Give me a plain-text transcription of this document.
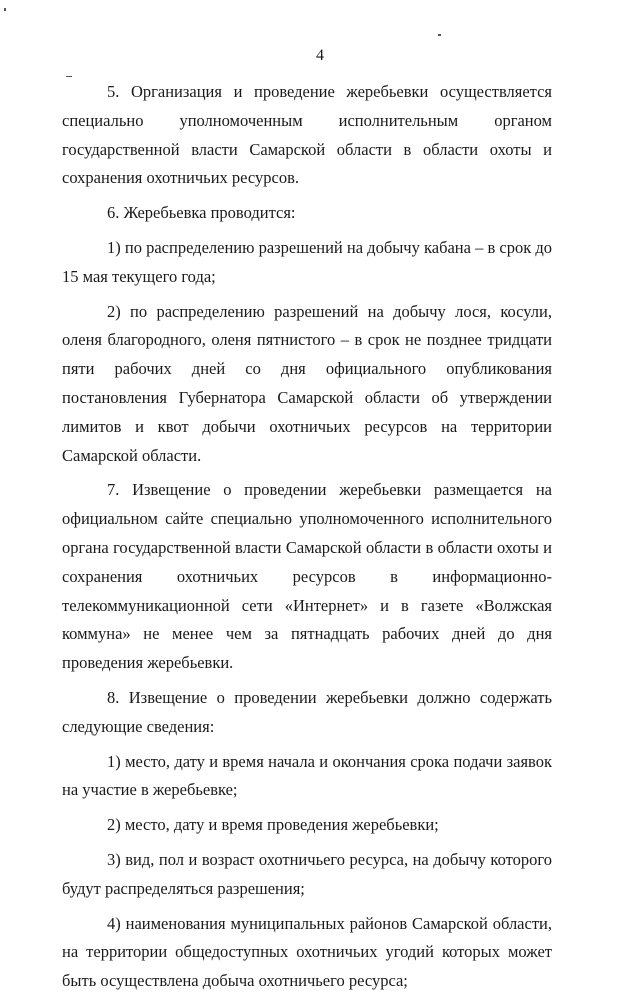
4

5. Организация и проведение жеребьевки осуществляется специально уполномоченным исполнительным органом государственной власти Самарской области в области охоты и сохранения охотничьих ресурсов.

6. Жеребьевка проводится:

1) по распределению разрешений на добычу кабана – в срок до 15 мая текущего года;

2) по распределению разрешений на добычу лося, косули, оленя благородного, оленя пятнистого – в срок не позднее тридцати пяти рабочих дней со дня официального опубликования постановления Губернатора Самарской области об утверждении лимитов и квот добычи охотничьих ресурсов на территории Самарской области.

7. Извещение о проведении жеребьевки размещается на официальном сайте специально уполномоченного исполнительного органа государственной власти Самарской области в области охоты и сохранения охотничьих ресурсов в информационно-телекоммуникационной сети «Интернет» и в газете «Волжская коммуна» не менее чем за пятнадцать рабочих дней до дня проведения жеребьевки.

8. Извещение о проведении жеребьевки должно содержать следующие сведения:

1) место, дату и время начала и окончания срока подачи заявок на участие в жеребьевке;

2) место, дату и время проведения жеребьевки;

3) вид, пол и возраст охотничьего ресурса, на добычу которого будут распределяться разрешения;

4) наименования муниципальных районов Самарской области, на территории общедоступных охотничьих угодий которых может быть осуществлена добыча охотничьего ресурса;
